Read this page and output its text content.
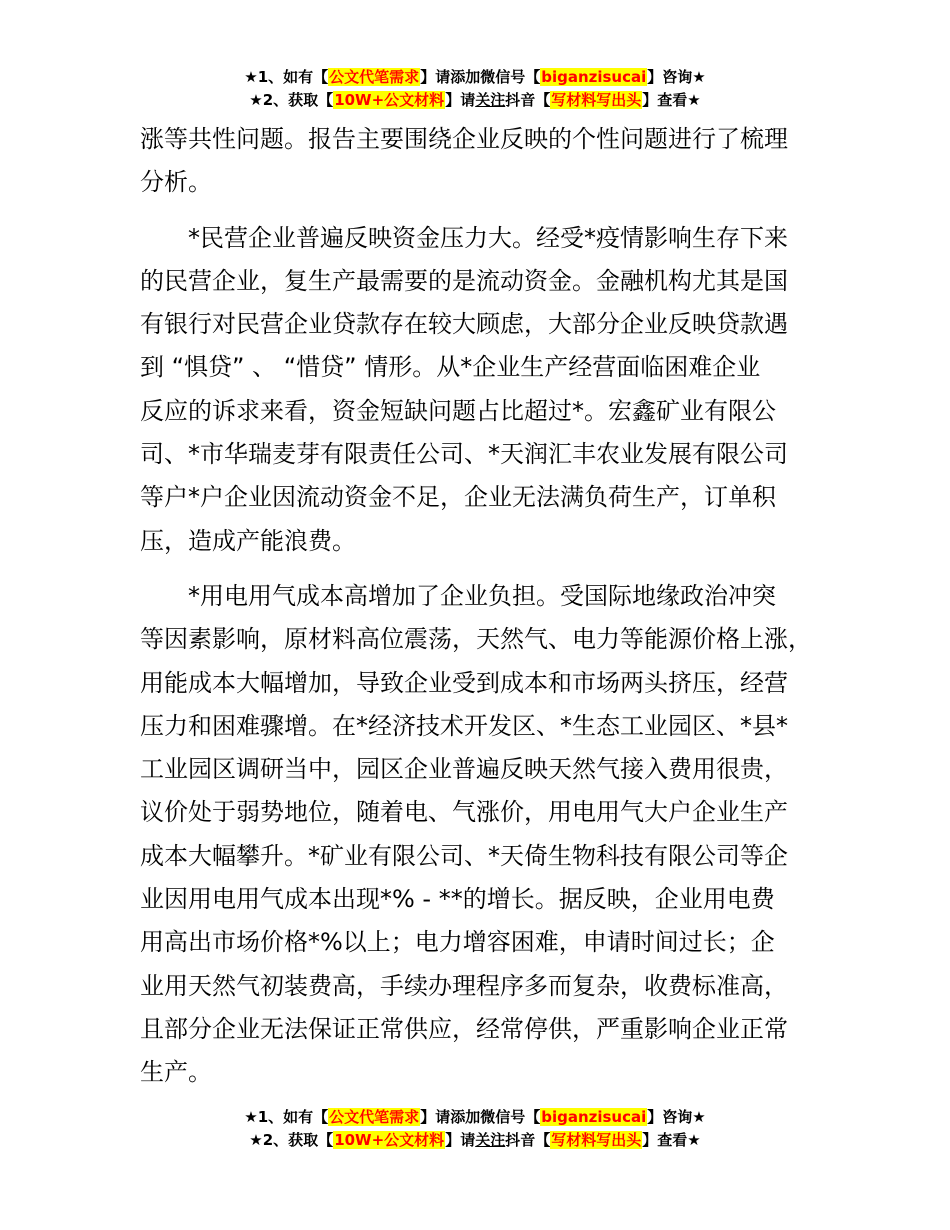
★1、如有【公文代笔需求】请添加微信号【biganzisucai】咨询★
★2、获取【10W+公文材料】请关注抖音【写材料写出头】查看★

涨等共性问题。报告主要围绕企业反映的个性问题进行了梳理
分析。

*民营企业普遍反映资金压力大。经受*疫情影响生存下来
的民营企业，复生产最需要的是流动资金。金融机构尤其是国
有银行对民营企业贷款存在较大顾虑，大部分企业反映贷款遇
到 “惧贷” 、 “惜贷” 情形。从*企业生产经营面临困难企业
反应的诉求来看，资金短缺问题占比超过*。宏鑫矿业有限公
司、*市华瑞麦芽有限责任公司、*天润汇丰农业发展有限公司
等户*户企业因流动资金不足，企业无法满负荷生产，订单积
压，造成产能浪费。

*用电用气成本高增加了企业负担。受国际地缘政治冲突
等因素影响，原材料高位震荡，天然气、电力等能源价格上涨，
用能成本大幅增加，导致企业受到成本和市场两头挤压，经营
压力和困难骤增。在*经济技术开发区、*生态工业园区、*县*
工业园区调研当中，园区企业普遍反映天然气接入费用很贵，
议价处于弱势地位，随着电、气涨价，用电用气大户企业生产
成本大幅攀升。*矿业有限公司、*天倚生物科技有限公司等企
业因用电用气成本出现*% - **的增长。据反映，企业用电费
用高出市场价格*%以上；电力增容困难，申请时间过长；企
业用天然气初装费高，手续办理程序多而复杂，收费标准高，
且部分企业无法保证正常供应，经常停供，严重影响企业正常
生产。

★1、如有【公文代笔需求】请添加微信号【biganzisucai】咨询★
★2、获取【10W+公文材料】请关注抖音【写材料写出头】查看★
